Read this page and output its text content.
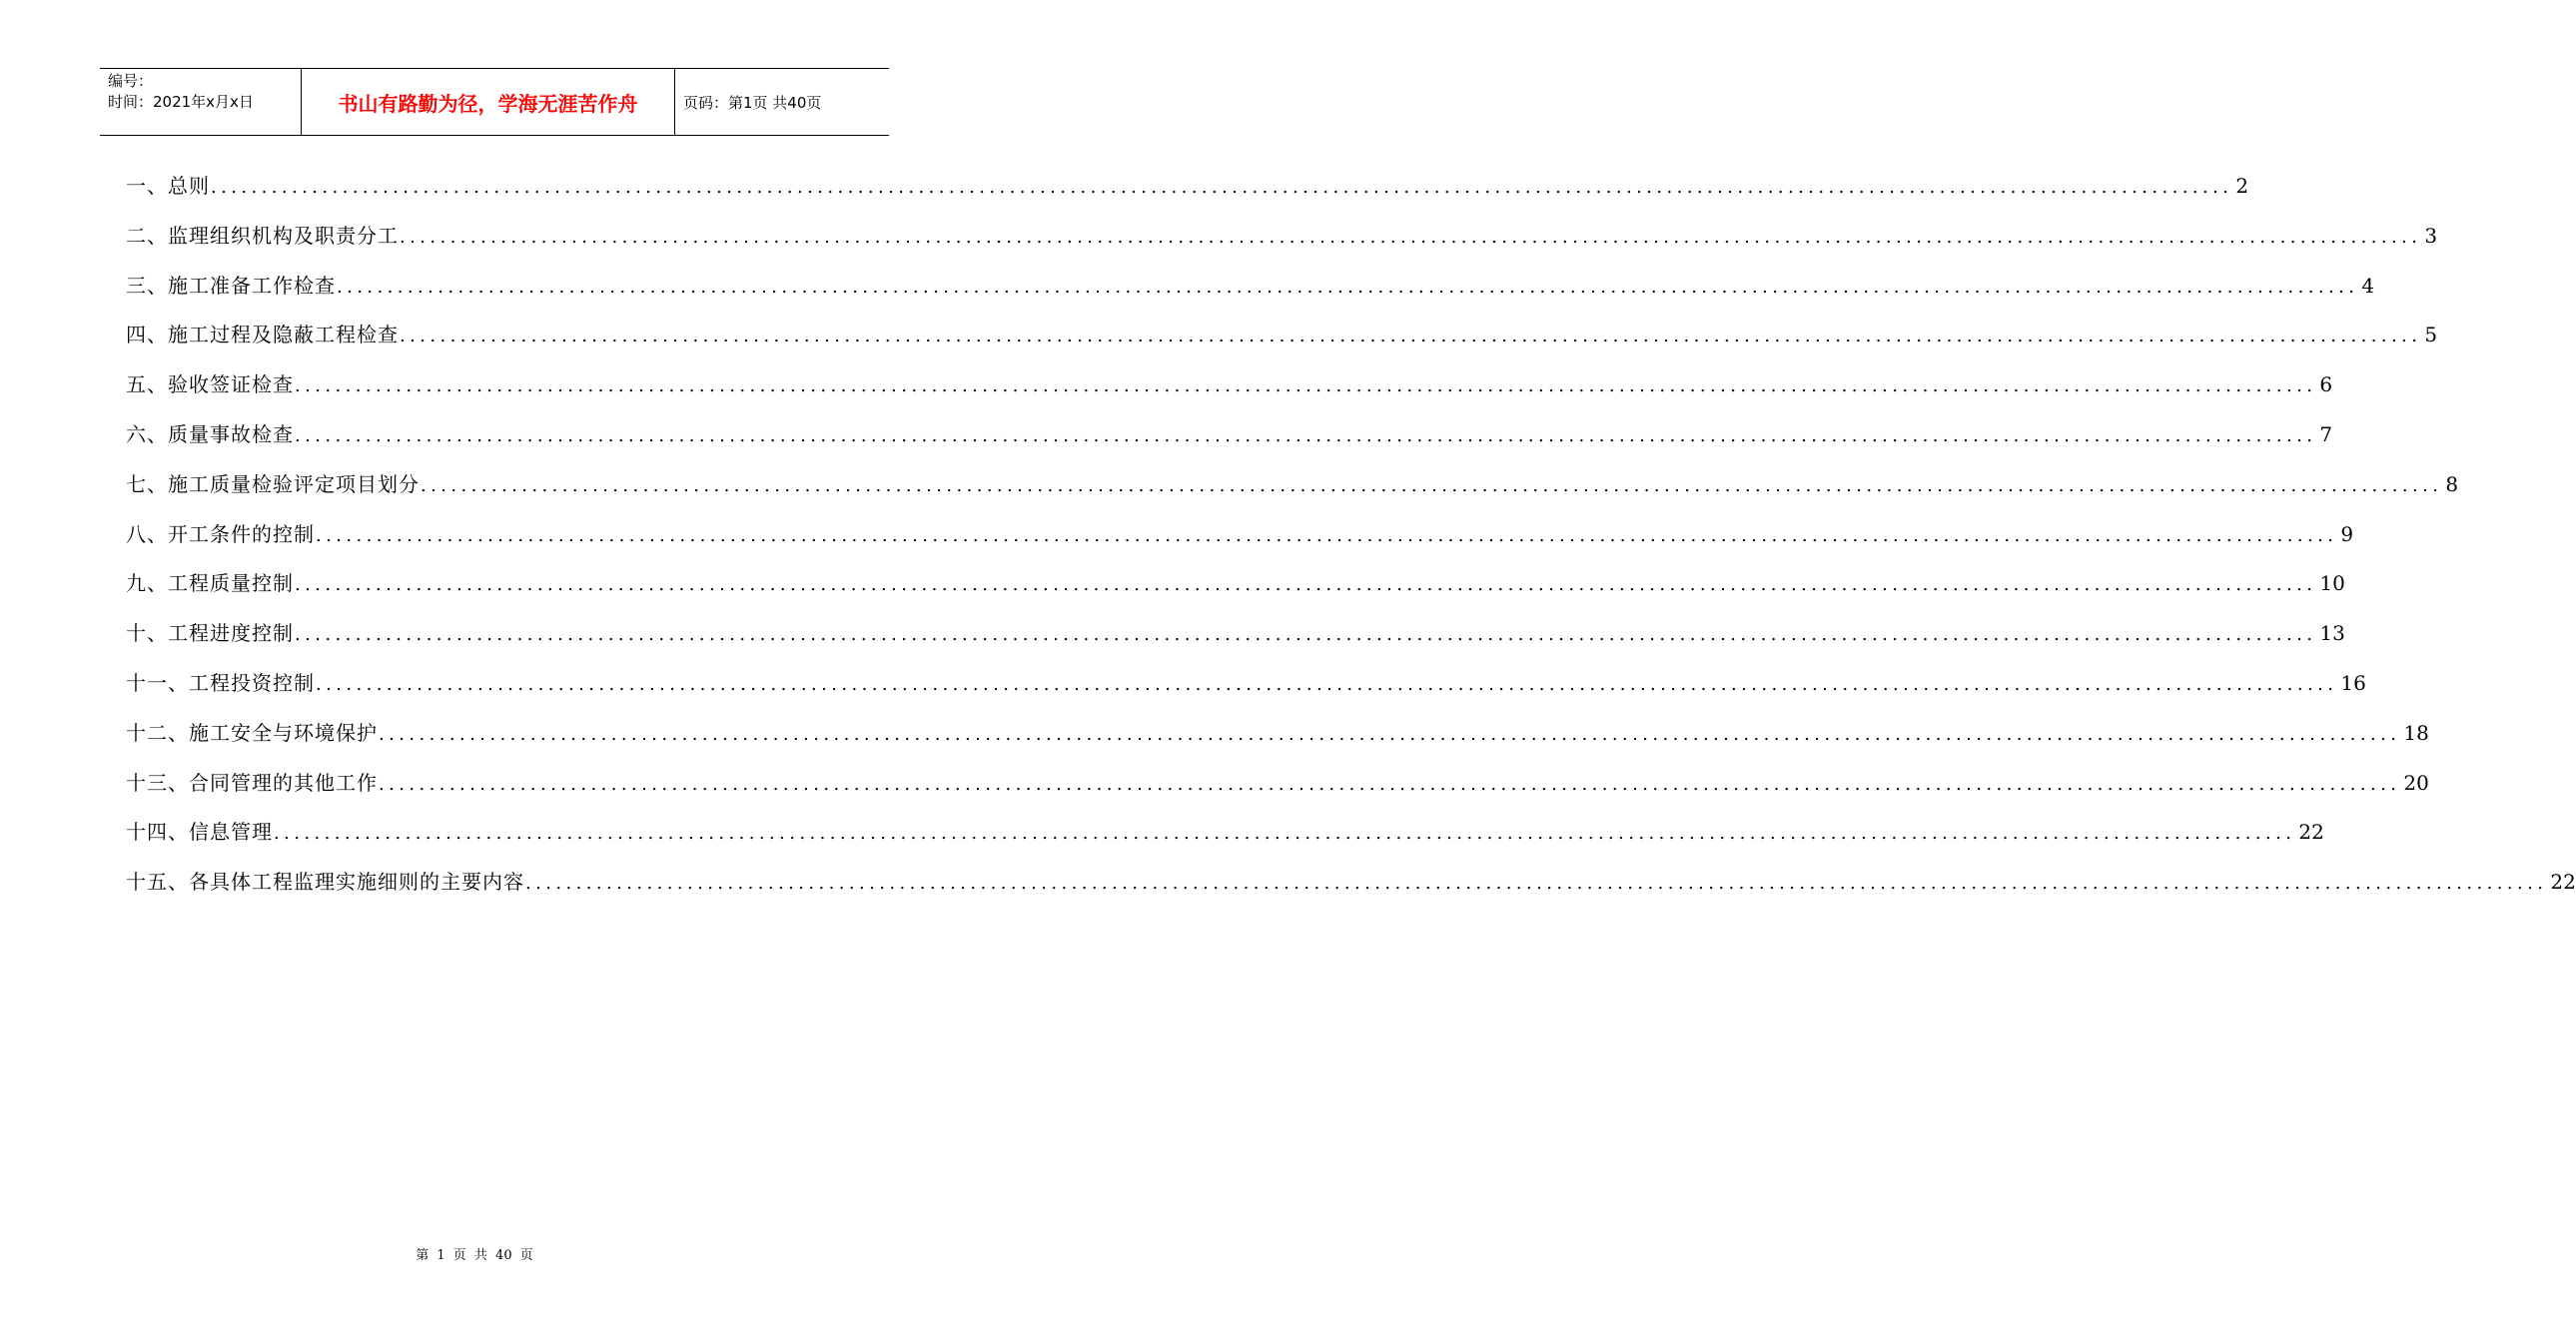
编号：
时间：2021年x月x日	书山有路勤为径，学海无涯苦作舟	页码：第1页 共40页
一、总则 ........................................................................................................................................................................................................ 2
二、监理组织机构及职责分工 ........................................................................................................................................................................................................ 3
三、施工准备工作检查 ........................................................................................................................................................................................................ 4
四、施工过程及隐蔽工程检查 ........................................................................................................................................................................................................ 5
五、验收签证检查 ........................................................................................................................................................................................................ 6
六、质量事故检查 ........................................................................................................................................................................................................ 7
七、施工质量检验评定项目划分 ........................................................................................................................................................................................................ 8
八、开工条件的控制 ........................................................................................................................................................................................................ 9
九、工程质量控制 ........................................................................................................................................................................................................ 10
十、工程进度控制 ........................................................................................................................................................................................................ 13
十一、工程投资控制 ........................................................................................................................................................................................................ 16
十二、施工安全与环境保护 ........................................................................................................................................................................................................ 18
十三、合同管理的其他工作 ........................................................................................................................................................................................................ 20
十四、信息管理 ........................................................................................................................................................................................................ 22
十五、各具体工程监理实施细则的主要内容 ........................................................................................................................................................................................................ 22
第 1 页 共 40 页
